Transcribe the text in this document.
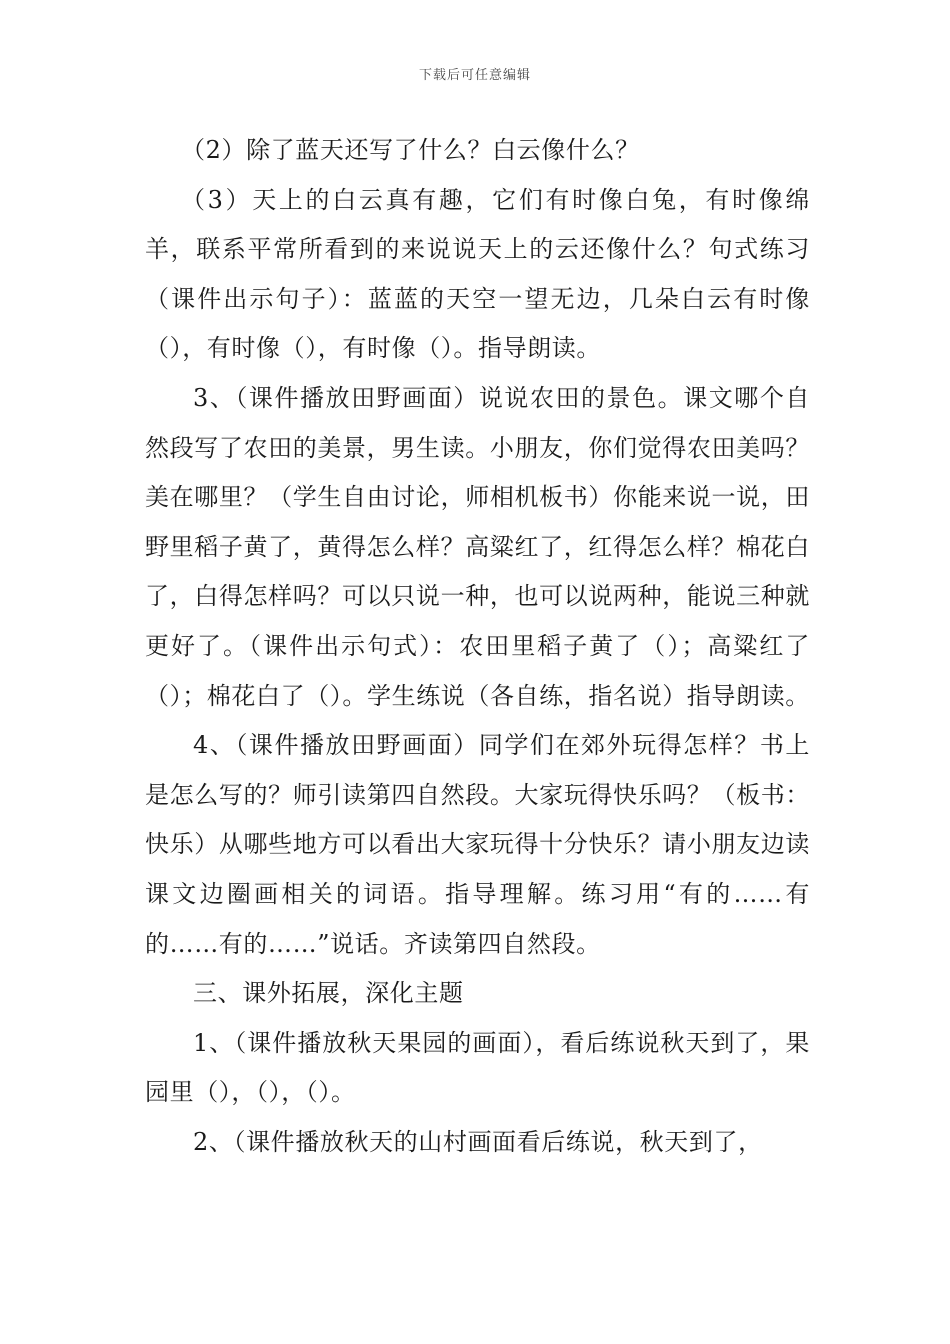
下载后可任意编辑

（2）除了蓝天还写了什么？白云像什么？

（3）天上的白云真有趣，它们有时像白兔，有时像绵羊，联系平常所看到的来说说天上的云还像什么？句式练习（课件出示句子）：蓝蓝的天空一望无边，几朵白云有时像（），有时像（），有时像（）。指导朗读。

3、（课件播放田野画面）说说农田的景色。课文哪个自然段写了农田的美景，男生读。小朋友，你们觉得农田美吗？美在哪里？（学生自由讨论，师相机板书）你能来说一说，田野里稻子黄了，黄得怎么样？高粱红了，红得怎么样？棉花白了，白得怎样吗？可以只说一种，也可以说两种，能说三种就更好了。（课件出示句式）：农田里稻子黄了（）；高粱红了（）；棉花白了（）。学生练说（各自练，指名说）指导朗读。

4、（课件播放田野画面）同学们在郊外玩得怎样？书上是怎么写的？师引读第四自然段。大家玩得快乐吗？（板书：快乐）从哪些地方可以看出大家玩得十分快乐？请小朋友边读课文边圈画相关的词语。指导理解。练习用“有的……有的……有的……”说话。齐读第四自然段。

三、课外拓展，深化主题

1、（课件播放秋天果园的画面），看后练说秋天到了，果园里（），（），（）。

2、（课件播放秋天的山村画面看后练说，秋天到了，
